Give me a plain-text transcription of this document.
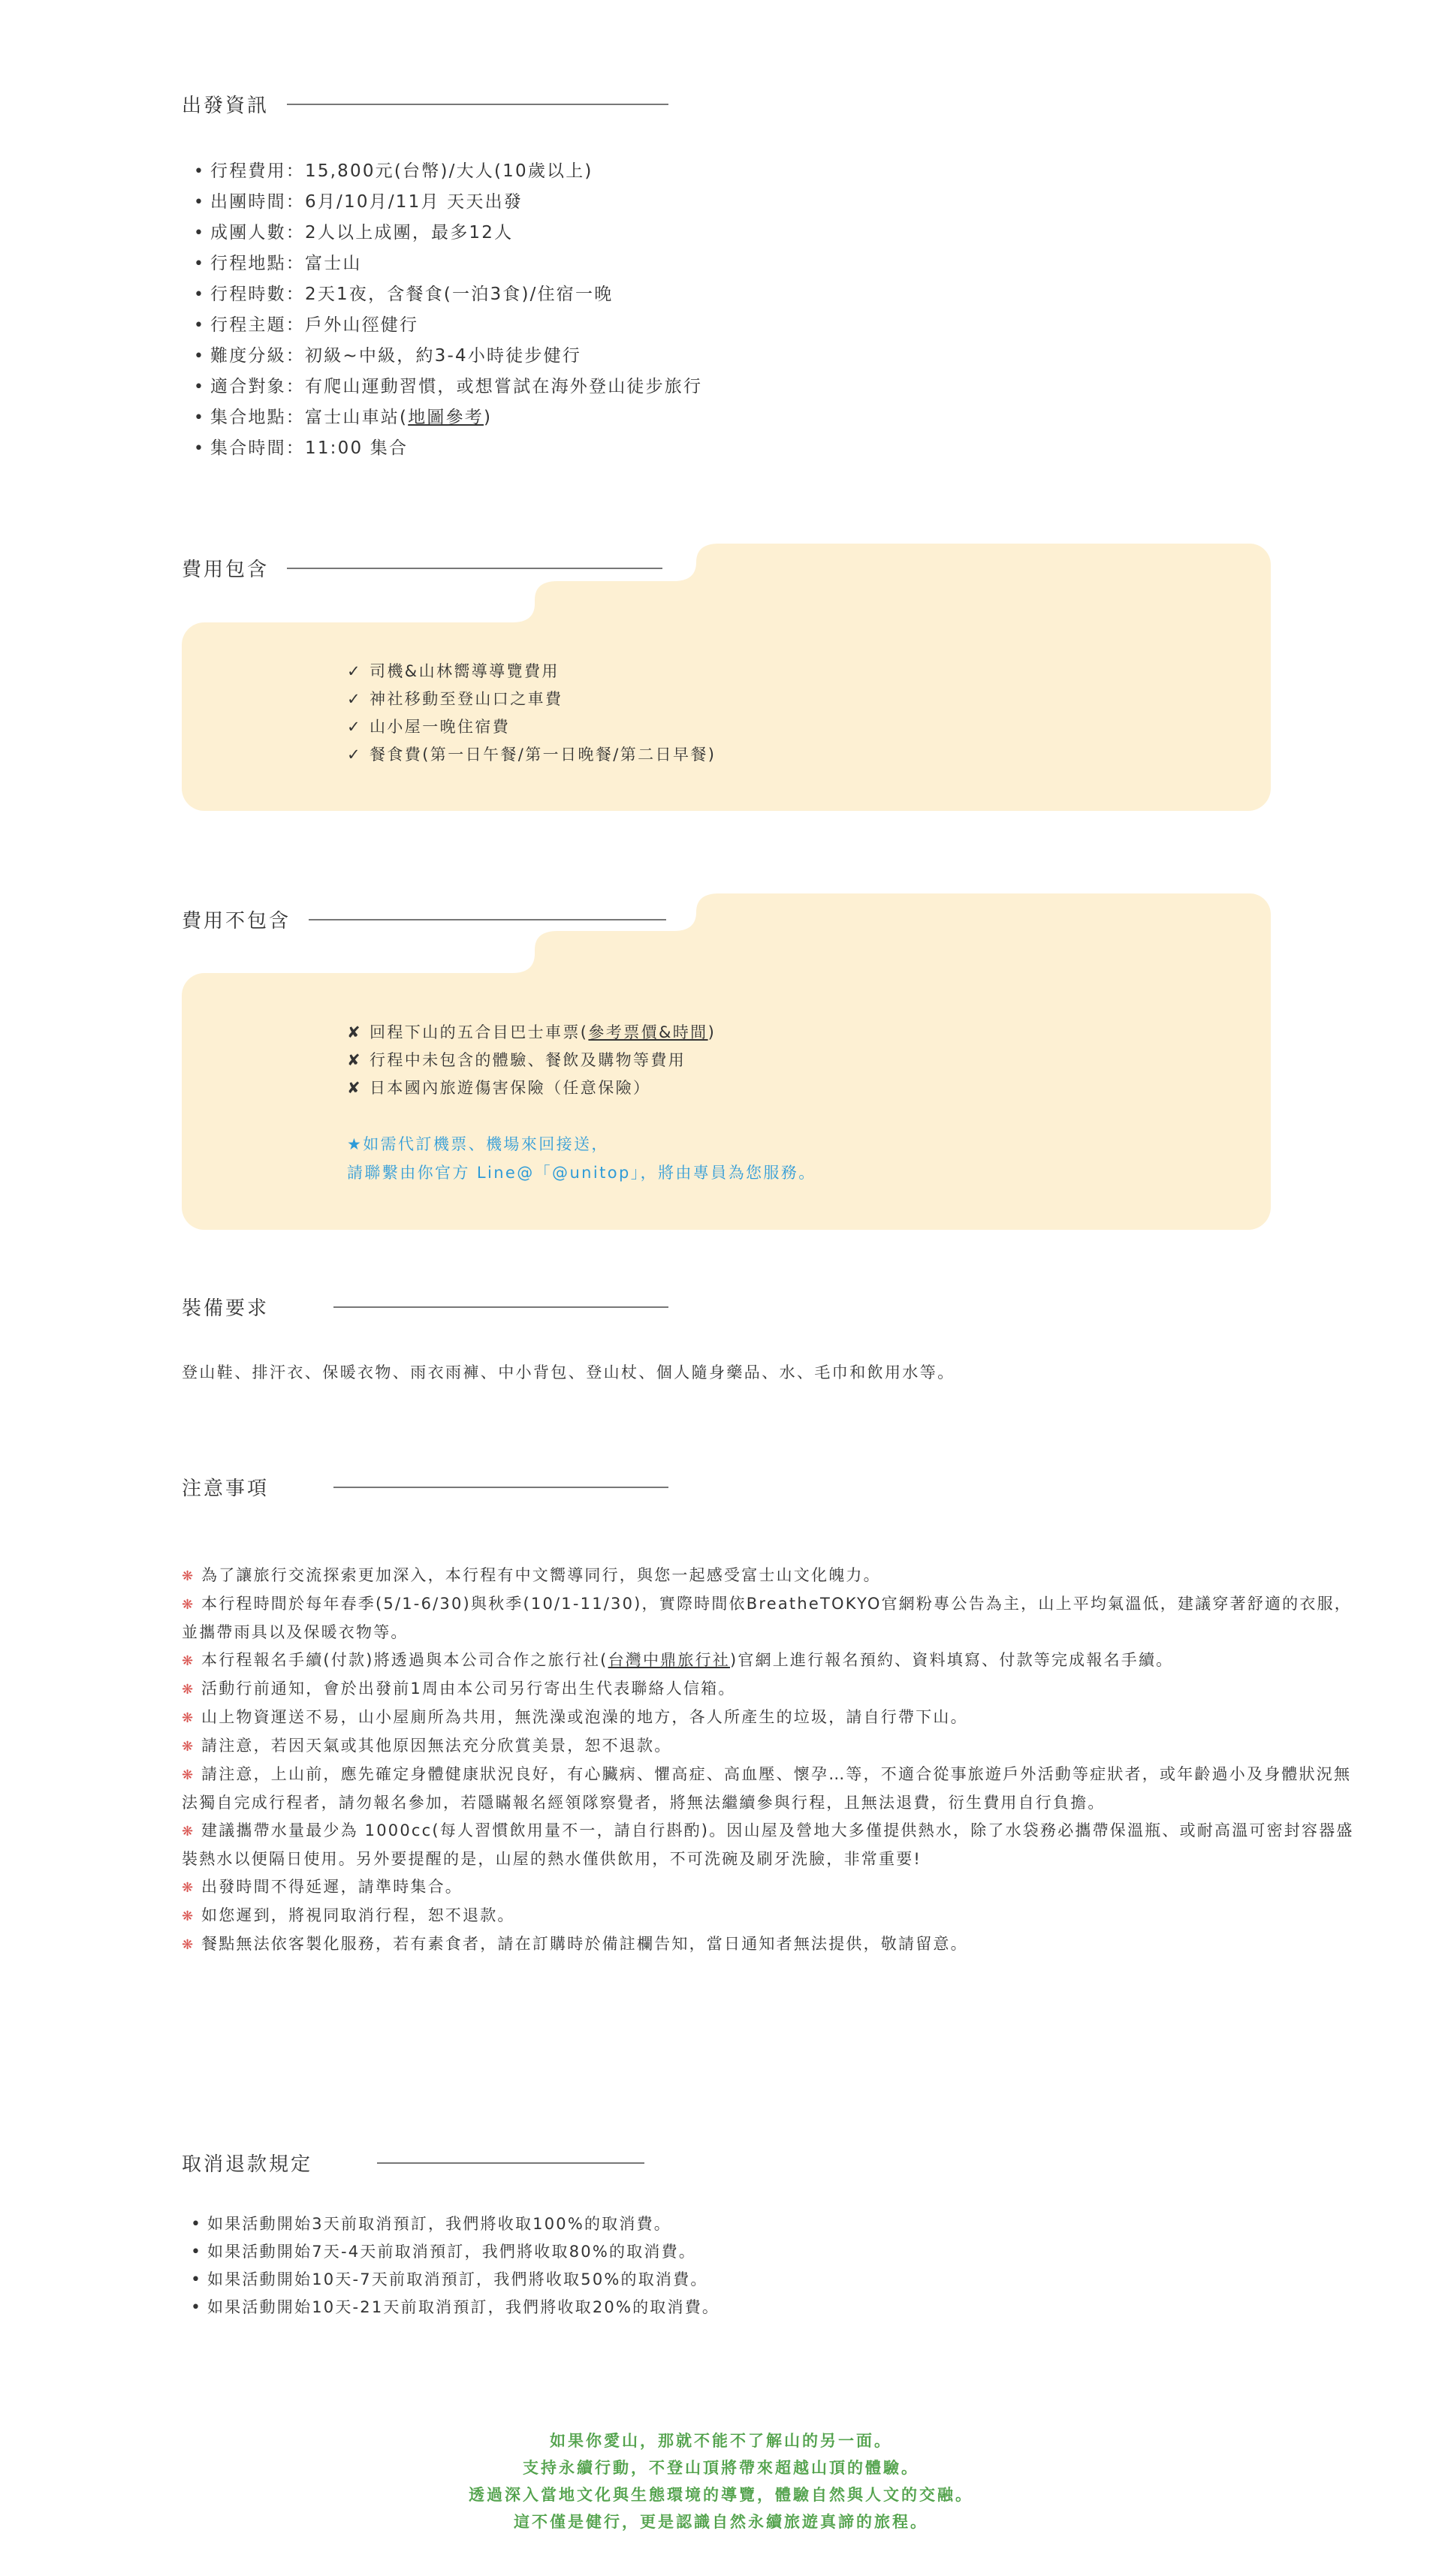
出發資訊
• 行程費用：15,800元(台幣)/大人(10歲以上)
• 出團時間：6月/10月/11月 天天出發
• 成團人數：2人以上成團，最多12人
• 行程地點：富士山
• 行程時數：2天1夜，含餐食(一泊3食)/住宿一晚
• 行程主題：戶外山徑健行
• 難度分級：初級~中級，約3-4小時徒步健行
• 適合對象：有爬山運動習慣，或想嘗試在海外登山徒步旅行
• 集合地點：富士山車站(地圖參考)
• 集合時間：11:00 集合
費用包含
✓ 司機&山林嚮導導覽費用
✓ 神社移動至登山口之車費
✓ 山小屋一晚住宿費
✓ 餐食費(第一日午餐/第一日晚餐/第二日早餐)
費用不包含
✘ 回程下山的五合目巴士車票(參考票價&時間)
✘ 行程中未包含的體驗、餐飲及購物等費用
✘ 日本國內旅遊傷害保險（任意保險）
★如需代訂機票、機場來回接送，
請聯繫由你官方 Line@「@unitop」，將由專員為您服務。
裝備要求
登山鞋、排汗衣、保暖衣物、雨衣雨褲、中小背包、登山杖、個人隨身藥品、水、毛巾和飲用水等。
注意事項
❋ 為了讓旅行交流探索更加深入，本行程有中文嚮導同行，與您一起感受富士山文化魄力。
❋ 本行程時間於每年春季(5/1-6/30)與秋季(10/1-11/30)，實際時間依BreatheTOKYO官網粉專公告為主，山上平均氣溫低，建議穿著舒適的衣服，並攜帶雨具以及保暖衣物等。
❋ 本行程報名手續(付款)將透過與本公司合作之旅行社(台灣中鼎旅行社)官網上進行報名預約、資料填寫、付款等完成報名手續。
❋ 活動行前通知，會於出發前1周由本公司另行寄出生代表聯絡人信箱。
❋ 山上物資運送不易，山小屋廁所為共用，無洗澡或泡澡的地方，各人所產生的垃圾，請自行帶下山。
❋ 請注意，若因天氣或其他原因無法充分欣賞美景，恕不退款。
❋ 請注意，上山前，應先確定身體健康狀況良好，有心臟病、懼高症、高血壓、懷孕…等，不適合從事旅遊戶外活動等症狀者，或年齡過小及身體狀況無法獨自完成行程者，請勿報名參加，若隱瞞報名經領隊察覺者，將無法繼續參與行程，且無法退費，衍生費用自行負擔。
❋ 建議攜帶水量最少為 1000cc(每人習慣飲用量不一，請自行斟酌)。因山屋及營地大多僅提供熱水，除了水袋務必攜帶保溫瓶、或耐高溫可密封容器盛裝熱水以便隔日使用。另外要提醒的是，山屋的熱水僅供飲用，不可洗碗及刷牙洗臉，非常重要!
❋ 出發時間不得延遲，請準時集合。
❋ 如您遲到，將視同取消行程，恕不退款。
❋ 餐點無法依客製化服務，若有素食者，請在訂購時於備註欄告知，當日通知者無法提供，敬請留意。
取消退款規定
• 如果活動開始3天前取消預訂，我們將收取100%的取消費。
• 如果活動開始7天-4天前取消預訂，我們將收取80%的取消費。
• 如果活動開始10天-7天前取消預訂，我們將收取50%的取消費。
• 如果活動開始10天-21天前取消預訂，我們將收取20%的取消費。
如果你愛山，那就不能不了解山的另一面。
支持永續行動，不登山頂將帶來超越山頂的體驗。
透過深入當地文化與生態環境的導覽，體驗自然與人文的交融。
這不僅是健行，更是認識自然永續旅遊真諦的旅程。
